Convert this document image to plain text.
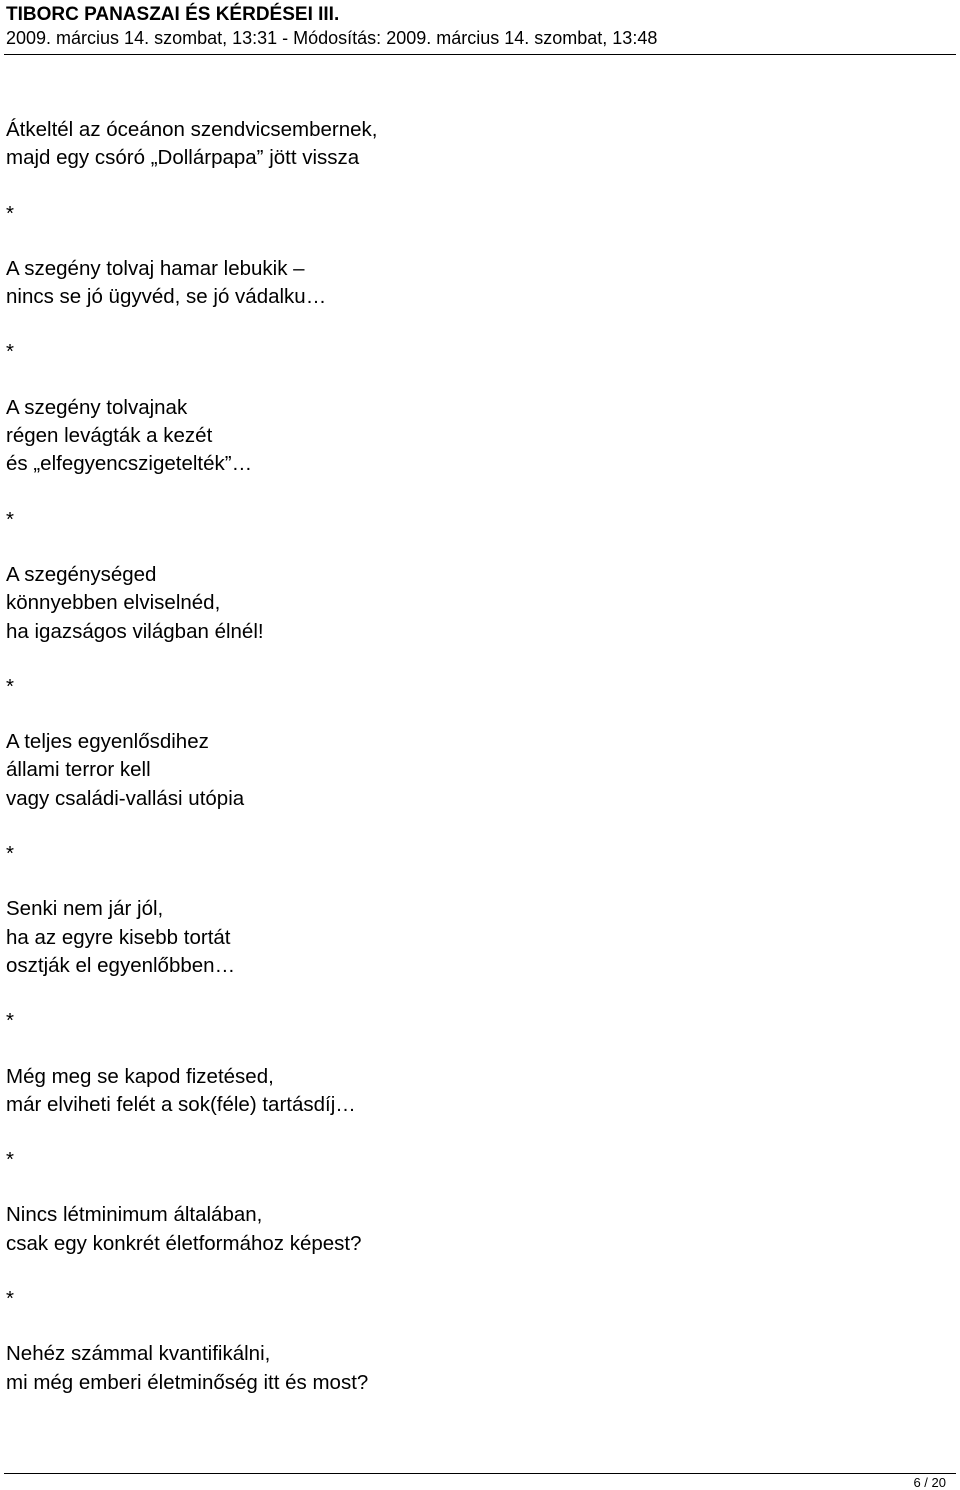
TIBORC PANASZAI ÉS KÉRDÉSEI III.
2009. március 14. szombat, 13:31 - Módosítás: 2009. március 14. szombat, 13:48
Átkeltél az óceánon szendvicsembernek,
majd egy csóró „Dollárpapa” jött vissza
*
A szegény tolvaj hamar lebukik –
nincs se jó ügyvéd, se jó vádalku…
*
A szegény tolvajnak
régen levágták a kezét
és „elfegyencszigetelték”…
*
A szegénységed
könnyebben elviselnéd,
ha igazságos világban élnél!
*
A teljes egyenlősdihez
állami terror kell
vagy családi-vallási utópia
*
Senki nem jár jól,
ha az egyre kisebb tortát
osztják el egyenlőbben…
*
Még meg se kapod fizetésed,
már elviheti felét a sok(féle) tartásdíj…
*
Nincs létminimum általában,
csak egy konkrét életformához képest?
*
Nehéz számmal kvantifikálni,
mi még emberi életminőség itt és most?
6 / 20
